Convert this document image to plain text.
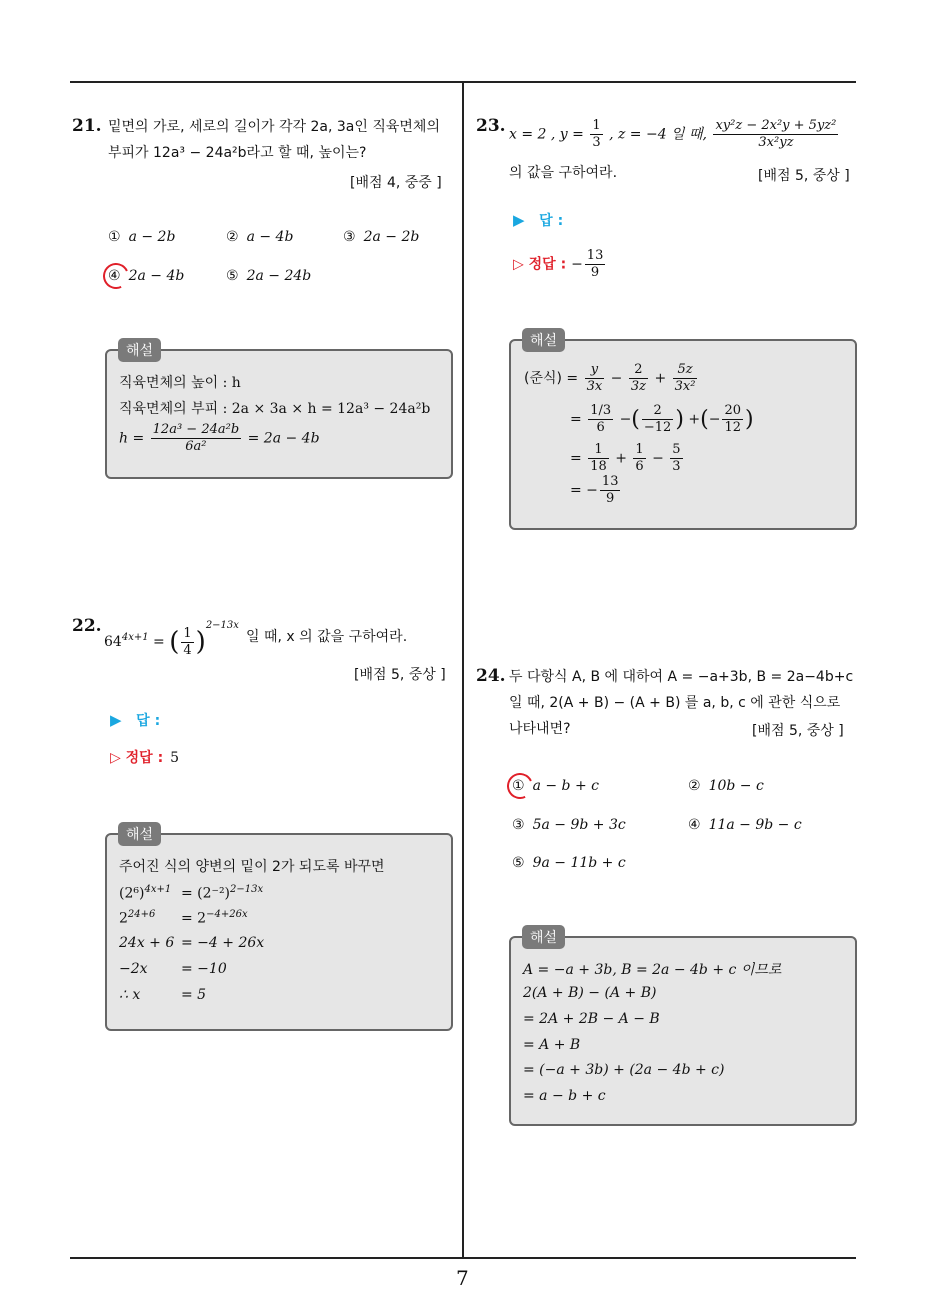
7
21. 밑면의 가로, 세로의 길이가 각각 2a, 3a인 직육면체의
부피가 12a³ − 24a²b라고 할 때, 높이는?
[배점 4, 중중 ]
① a − 2b	② a − 4b	③ 2a − 2b
④ 2a − 4b	⑤ 2a − 24b
해설
직육면체의 높이 : h
직육면체의 부피 : 2a × 3a × h = 12a³ − 24a²b
$h = \frac{\text{12a³ − 24a²b}}{\text{6a²}} = 2a - 4b$
22.
$64^{4x+1}$ = ( $\frac{1}{4} )^{2-13x}$
일 때, x 의 값을 구하여라.
[배점 5, 중상 ]
▶ 답 :
▷ 정답 : 5
해설
주어진 식의 양변의 밑이 2가 되도록 바꾸면
$(2^6)^{4x+1} = (2^{-2})^{2-13x}$
$2^{24+6} = 2^{-4+26x}$
24x + 6 = −4 + 26x
−2x = −10
∴ x	= 5
23. x = 2 , $y = \frac{1}{3}$ , z = −4 일 때, $\frac{\text{xy²z − 2x²y + 5yz²}}{\text{3x²yz}}$
의 값을 구하여라.	[배점 5, 중상 ]
▶ 답 :
▷ 정답 : − $\frac{13}{9}$
해설
(준식) = $\frac{y}{3x} - \frac{2}{3z} + \frac{5z}{\text{3x²}}$
= $\frac{1/3}{6}$ −( $\frac{2}{-12}$ ) +(− $\frac{20}{12}$ )
= $\frac{1}{18} + \frac{1}{6} - \frac{5}{3}$
= − $\frac{13}{9}$
24. 두 다항식 A, B 에 대하여 A = −a+3b, B = 2a−4b+c
일 때, 2(A + B) − (A + B) 를 a, b, c 에 관한 식으로
나타내면?	[배점 5, 중상 ]
① a − b + c	② 10b − c
③ 5a − 9b + 3c	④ 11a − 9b − c
⑤ 9a − 11b + c
해설
A = −a + 3b, B = 2a − 4b + c 이므로
2(A + B) − (A + B)
= 2A + 2B − A − B
= A + B
= (−a + 3b) + (2a − 4b + c)
= a − b + c
